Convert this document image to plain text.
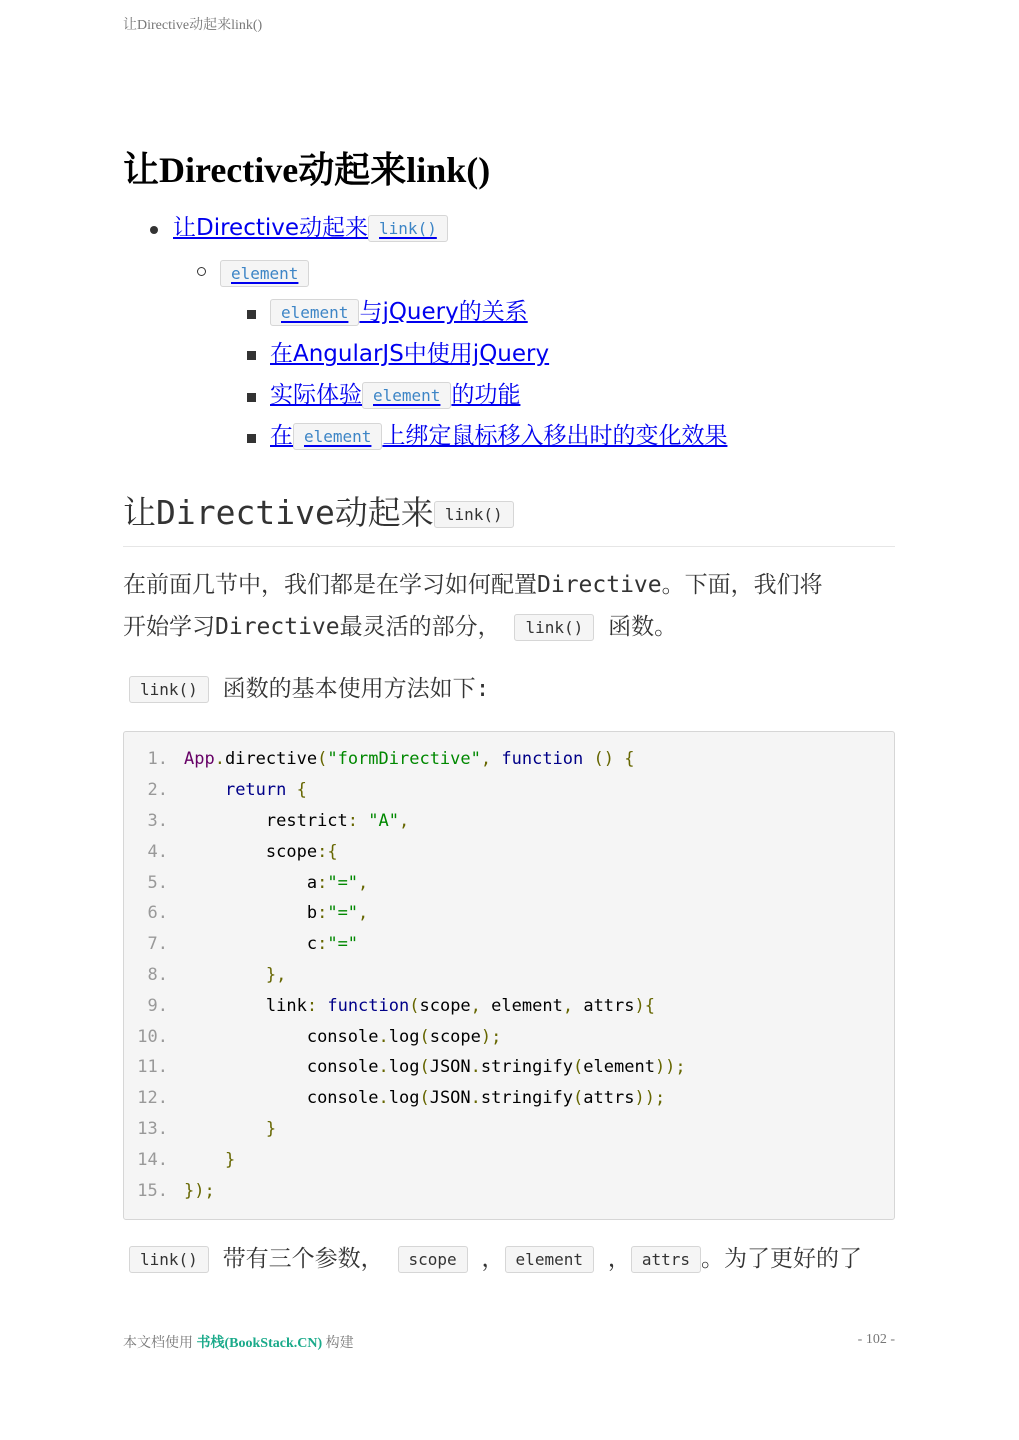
让Directive动起来link()
让Directive动起来link()
让Directive动起来 link()
element
element 与jQuery的关系
在AngularJS中使用jQuery
实际体验 element 的功能
在 element 上绑定鼠标移入移出时的变化效果
让Directive动起来 link()
在前面几节中，我们都是在学习如何配置Directive。下面，我们将
开始学习Directive最灵活的部分， link() 函数。
link() 函数的基本使用方法如下:
1. App.directive("formDirective", function () {
2.	return {
3.	restrict: "A",
4.	scope:{
5.	a:"=",
6.	b:"=",
7.	c:"="
8.	},
9.	link: function(scope, element, attrs){
10.	console.log(scope);
11.	console.log(JSON.stringify(element));
12.	console.log(JSON.stringify(attrs));
13.	}
14.	}
15. });
link() 带有三个参数， scope ， element ， attrs 。为了更好的了
本文档使用 书栈(BookStack.CN) 构建	- 102 -
